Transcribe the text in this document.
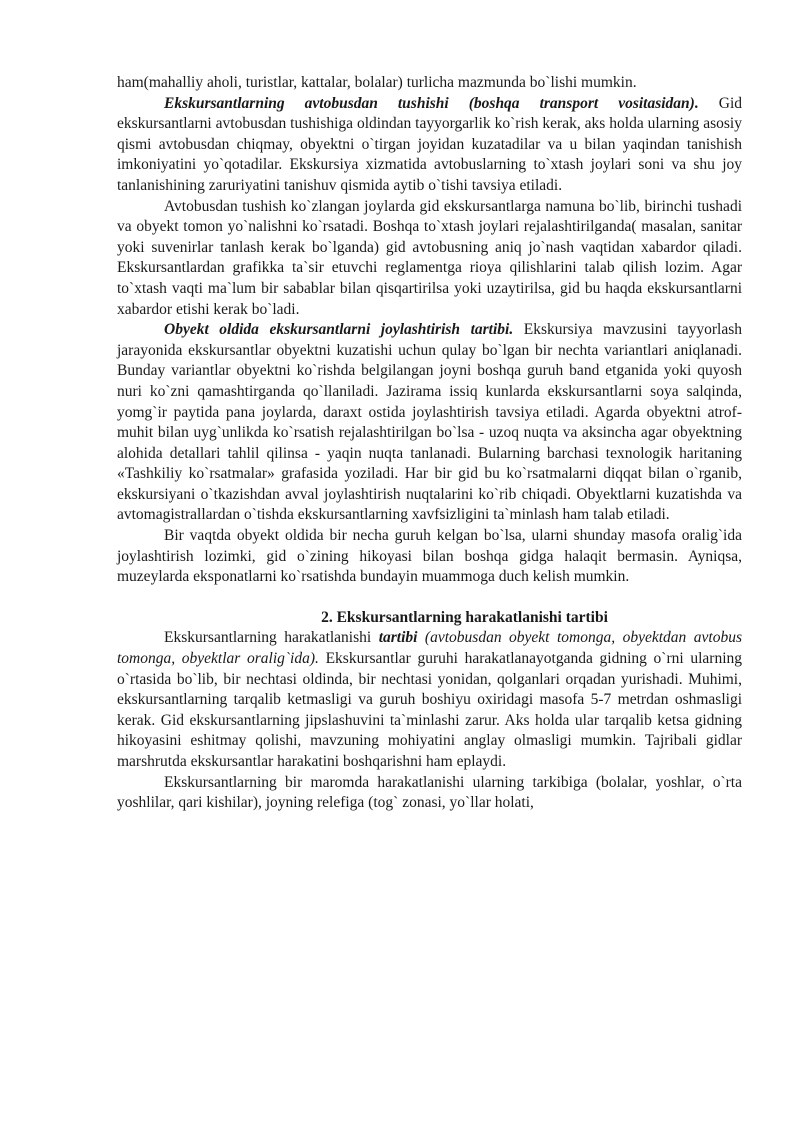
ham(mahalliy aholi, turistlar, kattalar, bolalar) turlicha mazmunda bo`lishi mumkin.

Ekskursantlarning avtobusdan tushishi (boshqa transport vositasidan). Gid ekskursantlarni avtobusdan tushishiga oldindan tayyorgarlik ko`rish kerak, aks holda ularning asosiy qismi avtobusdan chiqmay, obyektni o`tirgan joyidan kuzatadilar va u bilan yaqindan tanishish imkoniyatini yo`qotadilar. Ekskursiya xizmatida avtobuslarning to`xtash joylari soni va shu joy tanlanishining zaruriyatini tanishuv qismida aytib o`tishi tavsiya etiladi.

Avtobusdan tushish ko`zlangan joylarda gid ekskursantlarga namuna bo`lib, birinchi tushadi va obyekt tomon yo`nalishni ko`rsatadi. Boshqa to`xtash joylari rejalashtirilganda( masalan, sanitar yoki suvenirlar tanlash kerak bo`lganda) gid avtobusning aniq jo`nash vaqtidan xabardor qiladi. Ekskursantlardan grafikka ta`sir etuvchi reglamentga rioya qilishlarini talab qilish lozim. Agar to`xtash vaqti ma`lum bir sabablar bilan qisqartirilsa yoki uzaytirilsa, gid bu haqda ekskursantlarni xabardor etishi kerak bo`ladi.

Obyekt oldida ekskursantlarni joylashtirish tartibi. Ekskursiya mavzusini tayyorlash jarayonida ekskursantlar obyektni kuzatishi uchun qulay bo`lgan bir nechta variantlari aniqlanadi. Bunday variantlar obyektni ko`rishda belgilangan joyni boshqa guruh band etganida yoki quyosh nuri ko`zni qamashtirganda qo`llaniladi. Jazirama issiq kunlarda ekskursantlarni soya salqinda, yomg`ir paytida pana joylarda, daraxt ostida joylashtirish tavsiya etiladi. Agarda obyektni atrof-muhit bilan uyg`unlikda ko`rsatish rejalashtirilgan bo`lsa - uzoq nuqta va aksincha agar obyektning alohida detallari tahlil qilinsa - yaqin nuqta tanlanadi. Bularning barchasi texnologik haritaning «Tashkiliy ko`rsatmalar» grafasida yoziladi. Har bir gid bu ko`rsatmalarni diqqat bilan o`rganib, ekskursiyani o`tkazishdan avval joylashtirish nuqtalarini ko`rib chiqadi. Obyektlarni kuzatishda va avtomagistrallardan o`tishda ekskursantlarning xavfsizligini ta`minlash ham talab etiladi.

Bir vaqtda obyekt oldida bir necha guruh kelgan bo`lsa, ularni shunday masofa oralig`ida joylashtirish lozimki, gid o`zining hikoyasi bilan boshqa gidga halaqit bermasin. Ayniqsa, muzeylarda eksponatlarni ko`rsatishda bundayin muammoga duch kelish mumkin.

2. Ekskursantlarning harakatlanishi tartibi

Ekskursantlarning harakatlanishi tartibi (avtobusdan obyekt tomonga, obyektdan avtobus tomonga, obyektlar oralig`ida). Ekskursantlar guruhi harakatlanayotganda gidning o`rni ularning o`rtasida bo`lib, bir nechtasi oldinda, bir nechtasi yonidan, qolganlari orqadan yurishadi. Muhimi, ekskursantlarning tarqalib ketmasligi va guruh boshiyu oxiridagi masofa 5-7 metrdan oshmasligi kerak. Gid ekskursantlarning jipslashuvini ta`minlashi zarur. Aks holda ular tarqalib ketsa gidning hikoyasini eshitmay qolishi, mavzuning mohiyatini anglay olmasligi mumkin. Tajribali gidlar marshrutda ekskursantlar harakatini boshqarishni ham eplaydi.

Ekskursantlarning bir maromda harakatlanishi ularning tarkibiga (bolalar, yoshlar, o`rta yoshlilar, qari kishilar), joyning relefiga (tog` zonasi, yo`llar holati,
